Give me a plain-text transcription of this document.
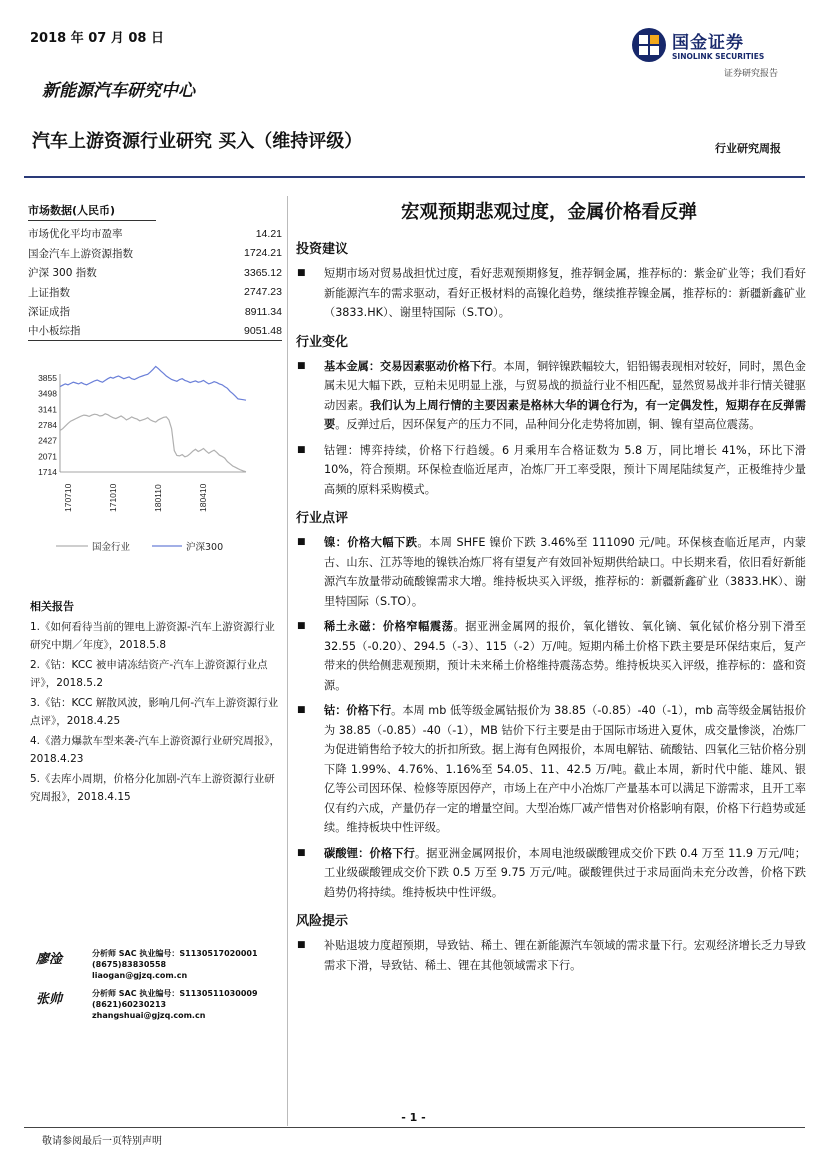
2018 年 07 月 08 日
新能源汽车研究中心
汽车上游资源行业研究 买入（维持评级）	行业研究周报
国金证券
SINOLINK SECURITIES
证券研究报告
市场数据(人民币)
市场优化平均市盈率	14.21
国金汽车上游资源指数	1724.21
沪深 300 指数	3365.12
上证指数	2747.23
深证成指	8911.34
中小板综指	9051.48
3855
3498
3141
2784
2427
2071
1714
170710	171010	180110	180410
国金行业	沪深300
相关报告
1.《如何看待当前的锂电上游资源-汽车上游资源行业研究中期／年度》，2018.5.8
2.《钴：KCC 被申请冻结资产-汽车上游资源行业点评》，2018.5.2
3.《钴：KCC 解散风波，影响几何-汽车上游资源行业点评》，2018.4.25
4.《潜力爆款车型来袭-汽车上游资源行业研究周报》，2018.4.23
5.《去库小周期，价格分化加剧-汽车上游资源行业研究周报》，2018.4.15
廖淦	分析师 SAC 执业编号：S1130517020001
(8675)83830558
liaogan@gjzq.com.cn
张帅	分析师 SAC 执业编号：S1130511030009
(8621)60230213
zhangshuai@gjzq.com.cn
宏观预期悲观过度，金属价格看反弹
投资建议
■	短期市场对贸易战担忧过度，看好悲观预期修复，推荐铜金属，推荐标的：紫金矿业等；我们看好新能源汽车的需求驱动，看好正极材料的高镍化趋势，继续推荐镍金属，推荐标的：新疆新鑫矿业（3833.HK）、谢里特国际（S.TO）。
行业变化
■	基本金属：交易因素驱动价格下行。本周，铜锌镍跌幅较大，铝铅锡表现相对较好，同时，黑色金属未见大幅下跌，豆粕未见明显上涨，与贸易战的损益行业不相匹配，显然贸易战并非行情关键驱动因素。我们认为上周行情的主要因素是格林大华的调仓行为，有一定偶发性，短期存在反弹需要。反弹过后，因环保复产的压力不同，品种间分化走势将加剧，铜、镍有望高位震荡。
■	钴锂：博弈持续，价格下行趋缓。6 月乘用车合格证数为 5.8 万，同比增长 41%，环比下滑 10%，符合预期。环保检查临近尾声，冶炼厂开工率受限，预计下周尾陆续复产，正极维持少量高频的原料采购模式。
行业点评
■	镍：价格大幅下跌。本周 SHFE 镍价下跌 3.46%至 111090 元/吨。环保核查临近尾声，内蒙古、山东、江苏等地的镍铁冶炼厂将有望复产有效回补短期供给缺口。中长期来看，依旧看好新能源汽车放量带动硫酸镍需求大增。维持板块买入评级，推荐标的：新疆新鑫矿业（3833.HK）、谢里特国际（S.TO）。
■	稀土永磁：价格窄幅震荡。据亚洲金属网的报价，氧化镨钕、氧化镝、氧化铽价格分别下滑至 32.55（-0.20）、294.5（-3）、115（-2）万/吨。短期内稀土价格下跌主要是环保结束后，复产带来的供给侧悲观预期，预计未来稀土价格维持震荡态势。维持板块买入评级，推荐标的：盛和资源。
■	钴：价格下行。本周 mb 低等级金属钴报价为 38.85（-0.85）-40（-1），mb 高等级金属钴报价为 38.85（-0.85）-40（-1），MB 钴价下行主要是由于国际市场进入夏休，成交量惨淡，冶炼厂为促进销售给予较大的折扣所致。据上海有色网报价，本周电解钴、硫酸钴、四氧化三钴价格分别下降 1.99%、4.76%、1.16%至 54.05、11、42.5 万/吨。截止本周，新时代中能、雄风、银亿等公司因环保、检修等原因停产，市场上在产中小冶炼厂产量基本可以满足下游需求，且开工率仅有约六成，产量仍存一定的增量空间。大型冶炼厂减产惜售对价格影响有限，价格下行趋势或延续。维持板块中性评级。
■	碳酸锂：价格下行。据亚洲金属网报价，本周电池级碳酸锂成交价下跌 0.4 万至 11.9 万元/吨；工业级碳酸锂成交价下跌 0.5 万至 9.75 万元/吨。碳酸锂供过于求局面尚未充分改善，价格下跌趋势仍将持续。维持板块中性评级。
风险提示
■	补贴退坡力度超预期，导致钴、稀土、锂在新能源汽车领域的需求量下行。宏观经济增长乏力导致需求下滑，导致钴、稀土、锂在其他领域需求下行。
- 1 -
敬请参阅最后一页特别声明
